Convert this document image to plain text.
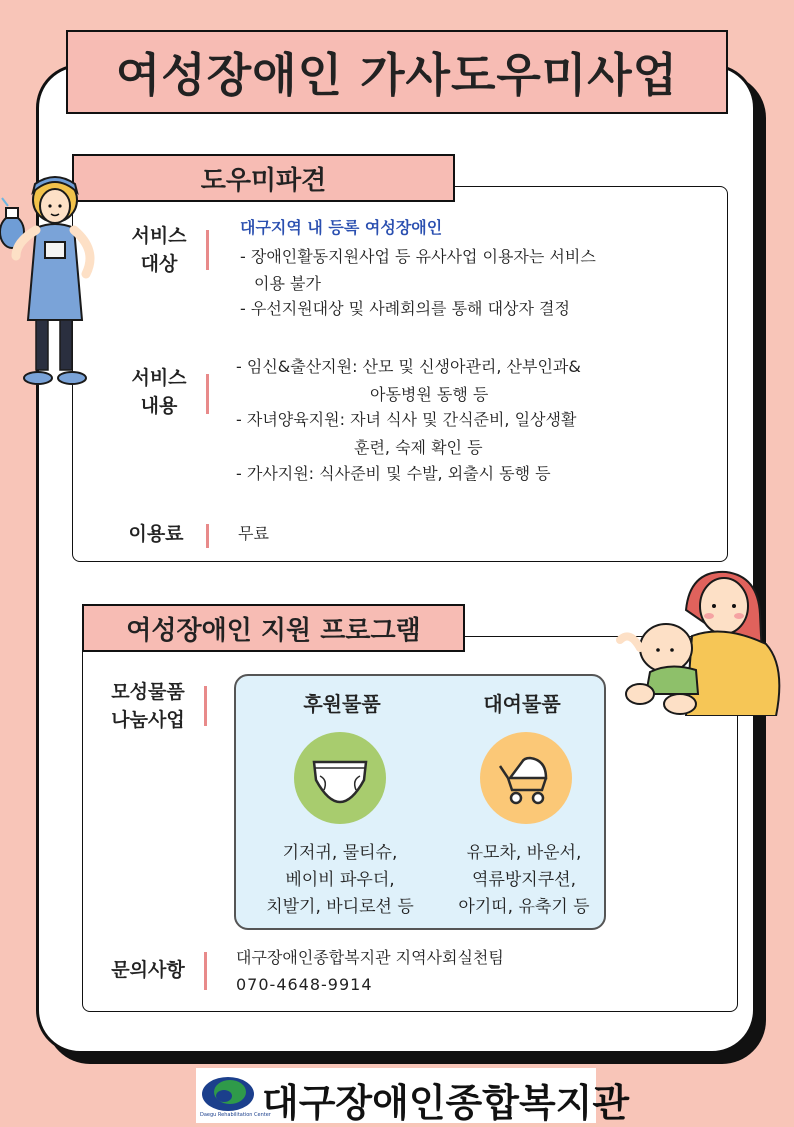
여성장애인 가사도우미사업
도우미파견
서비스
대상
대구지역 내 등록 여성장애인
- 장애인활동지원사업 등 유사사업 이용자는 서비스
이용 불가
- 우선지원대상 및 사례회의를 통해 대상자 결정
서비스
내용
- 임신&출산지원: 산모 및 신생아관리, 산부인과&
아동병원 동행 등
- 자녀양육지원: 자녀 식사 및 간식준비, 일상생활
훈련, 숙제 확인 등
- 가사지원: 식사준비 및 수발, 외출시 동행 등
이용료	무료
여성장애인 지원 프로그램
모성물품
나눔사업
후원물품	대여물품
기저귀, 물티슈,
베이비 파우더,
치발기, 바디로션 등
유모차, 바운서,
역류방지쿠션,
아기띠, 유축기 등
문의사항
대구장애인종합복지관 지역사회실천팀
070-4648-9914
Daegu Rehabilitation Center
대구장애인종합복지관
